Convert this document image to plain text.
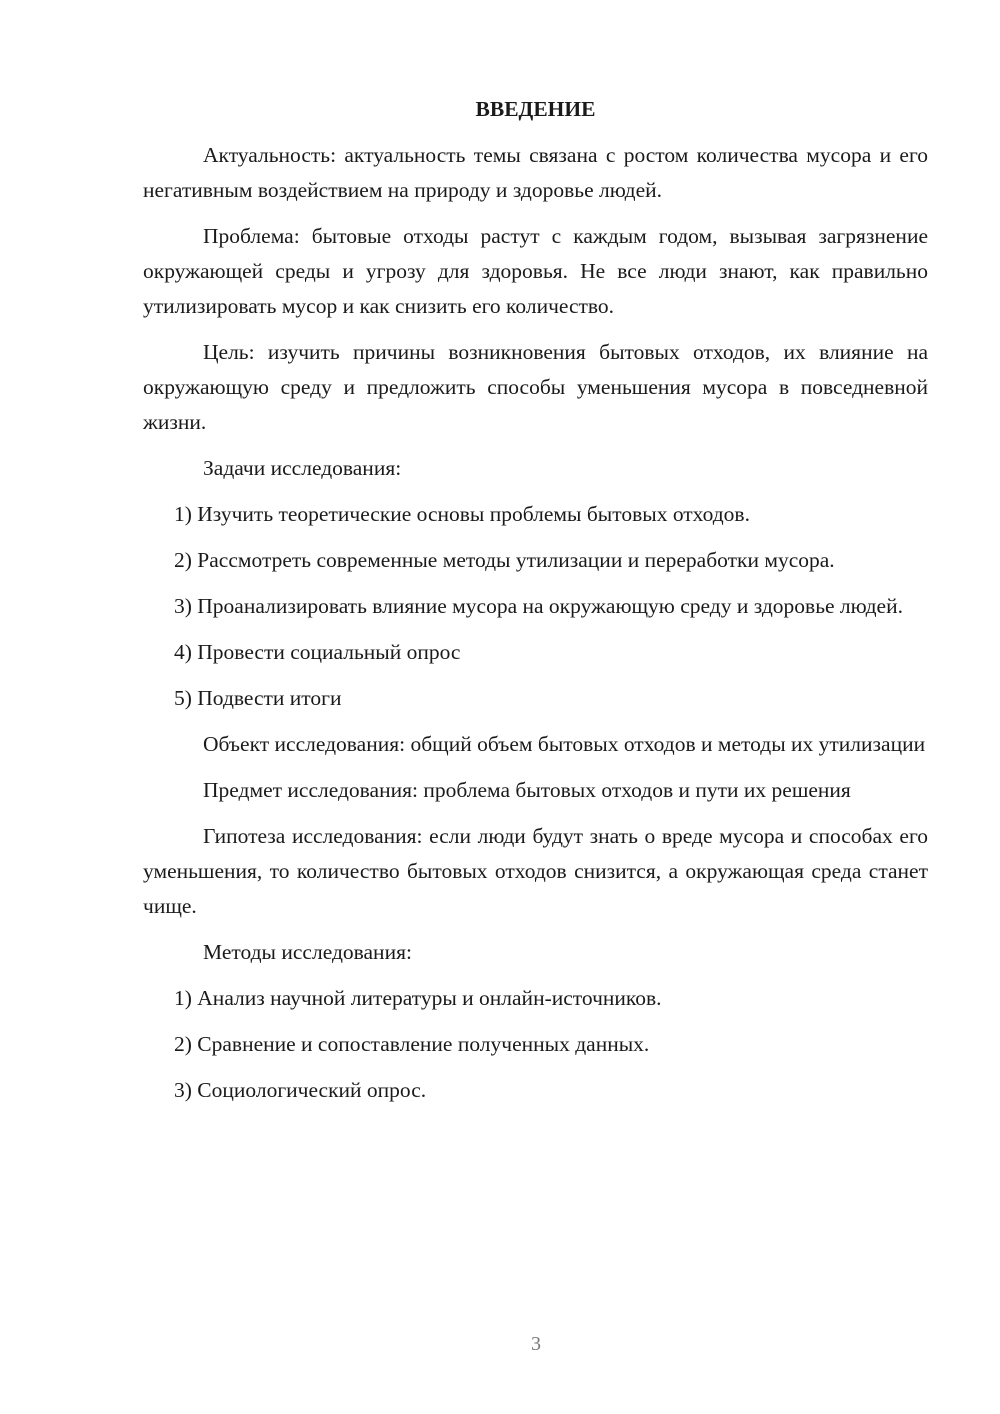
ВВЕДЕНИЕ

Актуальность: актуальность темы связана с ростом количества мусора и его негативным воздействием на природу и здоровье людей.

Проблема: бытовые отходы растут с каждым годом, вызывая загрязнение окружающей среды и угрозу для здоровья. Не все люди знают, как правильно утилизировать мусор и как снизить его количество.

Цель: изучить причины возникновения бытовых отходов, их влияние на окружающую среду и предложить способы уменьшения мусора в повседневной жизни.

Задачи исследования:

1) Изучить теоретические основы проблемы бытовых отходов.

2) Рассмотреть современные методы утилизации и переработки мусора.

3) Проанализировать влияние мусора на окружающую среду и здоровье людей.

4) Провести социальный опрос

5) Подвести итоги

Объект исследования: общий объем бытовых отходов и методы их утилизации

Предмет исследования: проблема бытовых отходов и пути их решения

Гипотеза исследования: если люди будут знать о вреде мусора и способах его уменьшения, то количество бытовых отходов снизится, а окружающая среда станет чище.

Методы исследования:

1) Анализ научной литературы и онлайн-источников.

2) Сравнение и сопоставление полученных данных.

3) Социологический опрос.

3
